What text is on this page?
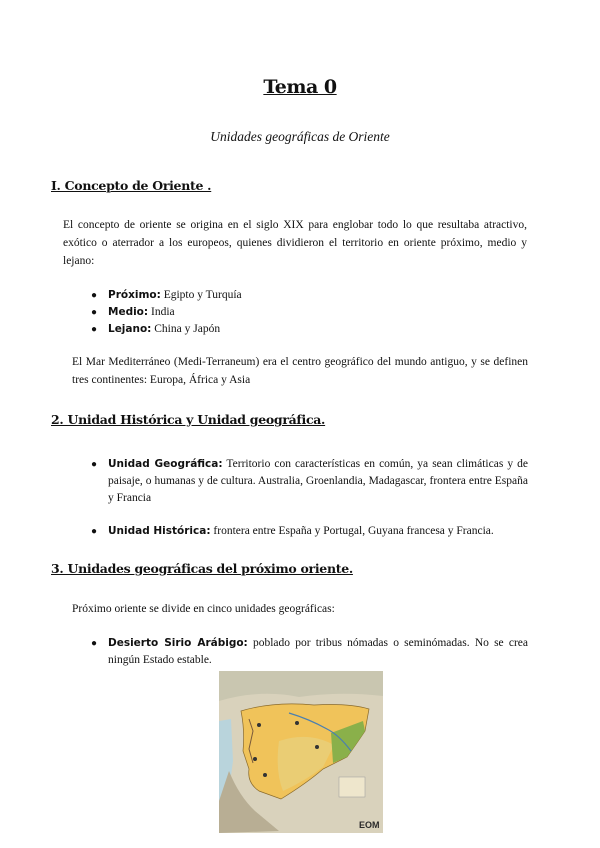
Tema 0
Unidades geográficas de Oriente
I. Concepto de Oriente .

El concepto de oriente se origina en el siglo XIX para englobar todo lo que resultaba atractivo, exótico o aterrador a los europeos, quienes dividieron el territorio en oriente próximo, medio y lejano:

● Próximo: Egipto y Turquía
● Medio: India
● Lejano: China y Japón

El Mar Mediterráneo (Medi-Terraneum) era el centro geográfico del mundo antiguo, y se definen tres continentes: Europa, África y Asia

2. Unidad Histórica y Unidad geográfica.
● Unidad Geográfica: Territorio con características en común, ya sean climáticas y de paisaje, o humanas y de cultura. Australia, Groenlandia, Madagascar, frontera entre España y Francia
● Unidad Histórica: frontera entre España y Portugal, Guyana francesa y Francia.
3. Unidades geográficas del próximo oriente.

Próximo oriente se divide en cinco unidades geográficas:

● Desierto Sirio Arábigo: poblado por tribus nómadas o seminómadas. No se crea ningún Estado estable.
EOM
